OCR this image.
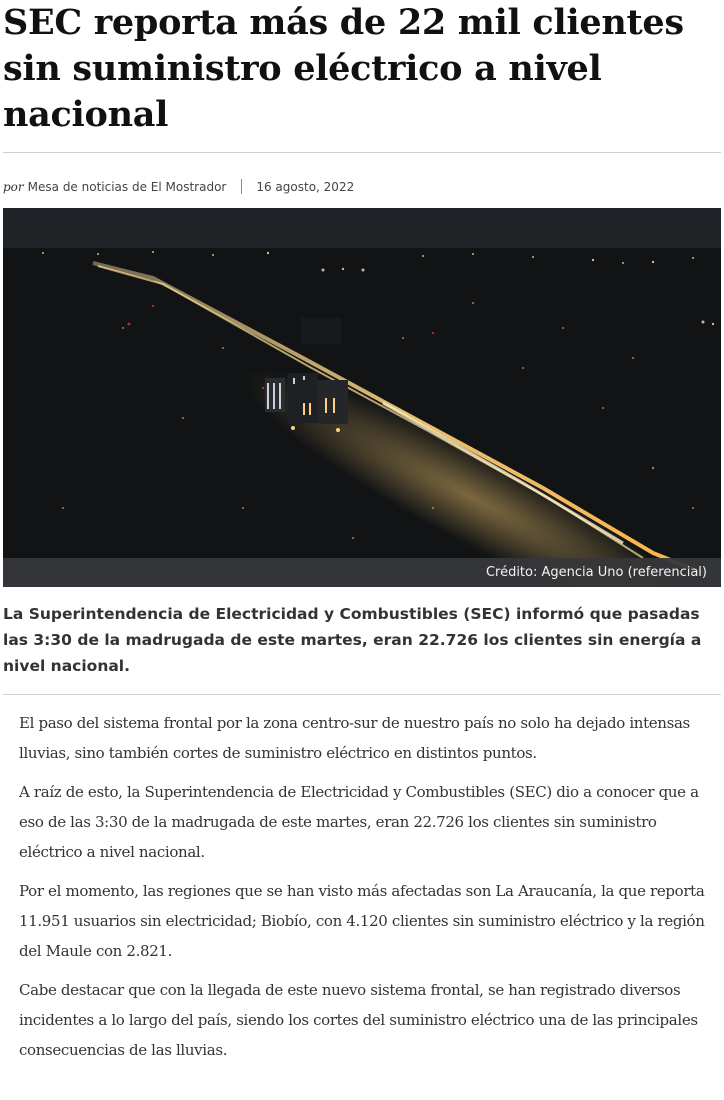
SEC reporta más de 22 mil clientes sin suministro eléctrico a nivel nacional
por Mesa de noticias de El Mostrador	16 agosto, 2022
Crédito: Agencia Uno (referencial)

La Superintendencia de Electricidad y Combustibles (SEC) informó que pasadas las 3:30 de la madrugada de este martes, eran 22.726 los clientes sin energía a nivel nacional.

El paso del sistema frontal por la zona centro-sur de nuestro país no solo ha dejado intensas lluvias, sino también cortes de suministro eléctrico en distintos puntos.

A raíz de esto, la Superintendencia de Electricidad y Combustibles (SEC) dio a conocer que a eso de las 3:30 de la madrugada de este martes, eran 22.726 los clientes sin suministro eléctrico a nivel nacional.

Por el momento, las regiones que se han visto más afectadas son La Araucanía, la que reporta 11.951 usuarios sin electricidad; Biobío, con 4.120 clientes sin suministro eléctrico y la región del Maule con 2.821.

Cabe destacar que con la llegada de este nuevo sistema frontal, se han registrado diversos incidentes a lo largo del país, siendo los cortes del suministro eléctrico una de las principales consecuencias de las lluvias.
